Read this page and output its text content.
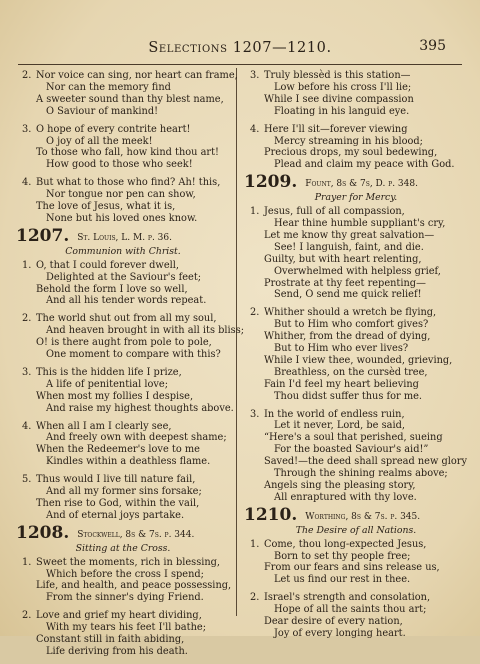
Selections 1207—1210.	395
2. Nor voice can sing, nor heart can frame,
Nor can the memory find
A sweeter sound than thy blest name,
O Saviour of mankind!
3. O hope of every contrite heart!
O joy of all the meek!
To those who fall, how kind thou art!
How good to those who seek!
4. But what to those who find? Ah! this,
Nor tongue nor pen can show,
The love of Jesus, what it is,
None but his loved ones know.
1207. St. Louis, L. M. p. 36.
Communion with Christ.
1. O, that I could forever dwell,
Delighted at the Saviour's feet;
Behold the form I love so well,
And all his tender words repeat.
2. The world shut out from all my soul,
And heaven brought in with all its bliss;
O! is there aught from pole to pole,
One moment to compare with this?
3. This is the hidden life I prize,
A life of penitential love;
When most my follies I despise,
And raise my highest thoughts above.
4. When all I am I clearly see,
And freely own with deepest shame;
When the Redeemer's love to me
Kindles within a deathless flame.
5. Thus would I live till nature fail,
And all my former sins forsake;
Then rise to God, within the vail,
And of eternal joys partake.
1208. Stockwell, 8s & 7s. p. 344.
Sitting at the Cross.
1. Sweet the moments, rich in blessing,
Which before the cross I spend;
Life, and health, and peace possessing,
From the sinner's dying Friend.
2. Love and grief my heart dividing,
With my tears his feet I'll bathe;
Constant still in faith abiding,
Life deriving from his death.
3. Truly blessèd is this station—
Low before his cross I'll lie;
While I see divine compassion
Floating in his languid eye.
4. Here I'll sit—forever viewing
Mercy streaming in his blood;
Precious drops, my soul bedewing,
Plead and claim my peace with God.
1209. Fount, 8s & 7s, D. p. 348.
Prayer for Mercy.
1. Jesus, full of all compassion,
Hear thine humble suppliant's cry,
Let me know thy great salvation—
See! I languish, faint, and die.
Guilty, but with heart relenting,
Overwhelmed with helpless grief,
Prostrate at thy feet repenting—
Send, O send me quick relief!
2. Whither should a wretch be flying,
But to Him who comfort gives?
Whither, from the dread of dying,
But to Him who ever lives?
While I view thee, wounded, grieving,
Breathless, on the cursèd tree,
Fain I'd feel my heart believing
Thou didst suffer thus for me.
3. In the world of endless ruin,
Let it never, Lord, be said,
“Here's a soul that perished, sueing
For the boasted Saviour's aid!”
Saved!—the deed shall spread new glory
Through the shining realms above;
Angels sing the pleasing story,
All enraptured with thy love.
1210. Worthing, 8s & 7s. p. 345.
The Desire of all Nations.
1. Come, thou long-expected Jesus,
Born to set thy people free;
From our fears and sins release us,
Let us find our rest in thee.
2. Israel's strength and consolation,
Hope of all the saints thou art;
Dear desire of every nation,
Joy of every longing heart.
